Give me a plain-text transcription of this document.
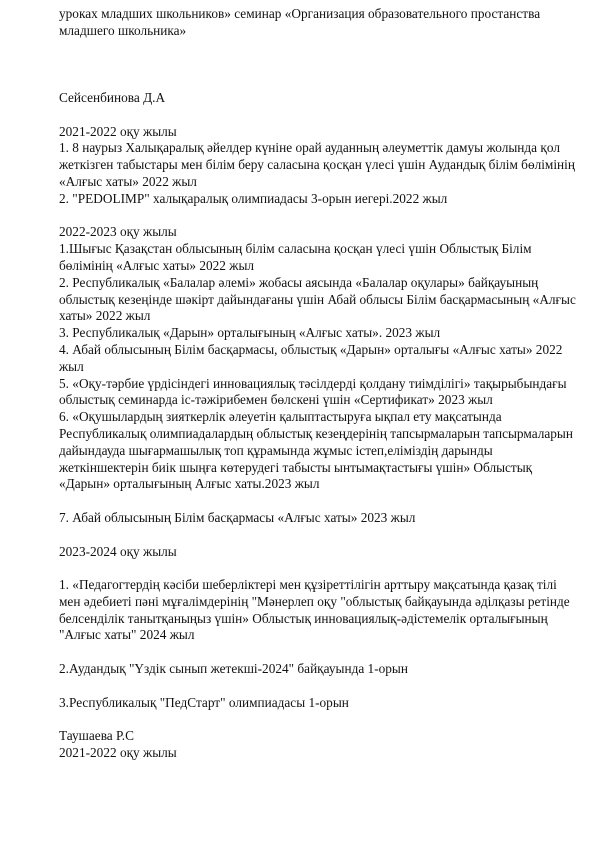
уроках младших школьников» семинар «Организация образовательного простанства младшего школьника»

Сейсенбинова Д.А

2021-2022 оқу жылы

1. 8 наурыз Халықаралық әйелдер күніне орай ауданның әлеуметтік дамуы жолында қол жеткізген табыстары мен білім беру саласына қосқан үлесі үшін Аудандық білім бөлімінің «Алғыс хаты» 2022 жыл

2. "PEDOLIMP" халықаралық олимпиадасы 3-орын иегері.2022 жыл

2022-2023 оқу жылы

1.Шығыс Қазақстан облысының білім саласына қосқан үлесі үшін Облыстық Білім бөлімінің «Алғыс хаты» 2022 жыл

2. Республикалық «Балалар әлемі» жобасы аясында «Балалар оқулары» байқауының облыстық кезеңінде шәкірт дайындағаны үшін Абай облысы Білім басқармасының «Алғыс хаты» 2022 жыл

3. Республикалық «Дарын» орталығының «Алғыс хаты». 2023 жыл

4. Абай облысының Білім басқармасы, облыстық «Дарын» орталығы «Алғыс хаты» 2022 жыл

5. «Оқу-тәрбие үрдісіндегі инновациялық тәсілдерді қолдану тиімділігі» тақырыбындағы облыстық семинарда іс-тәжірибемен бөлскені үшін «Сертификат» 2023 жыл

6. «Оқушылардың зияткерлік әлеуетін қалыптастыруға ықпал ету мақсатында Республикалық олимпиадалардың облыстық кезеңдерінің тапсырмаларын тапсырмаларын дайындауда шығармашылық топ құрамында жұмыс істеп,еліміздің дарынды жеткіншектерін биік шыңға көтерудегі табысты ынтымақтастығы үшін» Облыстық «Дарын» орталығының Алғыс хаты.2023 жыл

7. Абай облысының Білім басқармасы «Алғыс хаты» 2023 жыл

2023-2024 оқу жылы

1. «Педагогтердің кәсіби шеберліктері мен құзіреттілігін арттыру мақсатында қазақ тілі мен әдебиеті пәні мұғалімдерінің "Мәнерлеп оқу "облыстық байқауында әділқазы ретінде белсенділік танытқаныңыз үшін» Облыстық инновациялық-әдістемелік орталығының "Алғыс хаты" 2024 жыл

2.Аудандық "Үздік сынып жетекші-2024" байқауында 1-орын

3.Республикалық "ПедСтарт" олимпиадасы 1-орын

Таушаева Р.С

2021-2022 оқу жылы
